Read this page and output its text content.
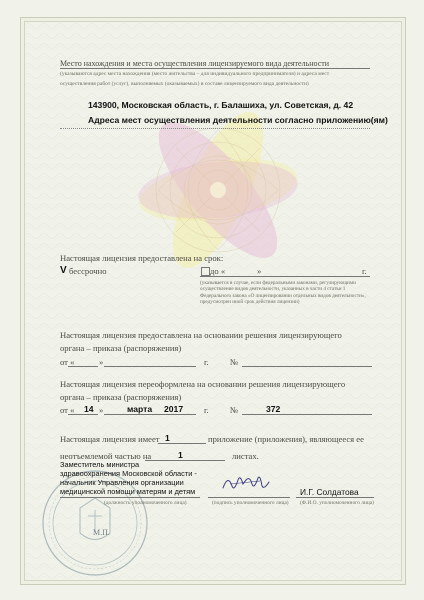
Место нахождения и места осуществления лицензируемого вида деятельности
(указываются адрес места нахождения (место жительства – для индивидуального предпринимателя) и адреса мест
осуществления работ (услуг), выполняемых (оказываемых) в составе лицензируемого вида деятельности)
143900, Московская область, г. Балашиха, ул. Советская, д. 42
Адреса мест осуществления деятельности согласно приложению(ям)
Настоящая лицензия предоставлена на срок:
V бессрочно	до «	»	г.
(указывается в случае, если федеральными законами, регулирующими осуществление видов деятельности, указанных в части 4 статьи 1 Федерального закона «О лицензировании отдельных видов деятельности», предусмотрен иной срок действия лицензии)
Настоящая лицензия предоставлена на основании решения лицензирующего
органа – приказа (распоряжения)
от «	»	г. №
Настоящая лицензия переоформлена на основании решения лицензирующего
органа – приказа (распоряжения)
от « 14 »	марта 2017 г. №	372
Настоящая лицензия имеет 1	приложение (приложения), являющееся ее
неотъемлемой частью на	1	листах.
М.П.
Заместитель министра
здравоохранения Московской области -
начальник Управления организации
медицинской помощи матерям и детям
(должность уполномоченного лица)	(подпись уполномоченного лица)
И.Г. Солдатова
(Ф.И.О. уполномоченного лица)
